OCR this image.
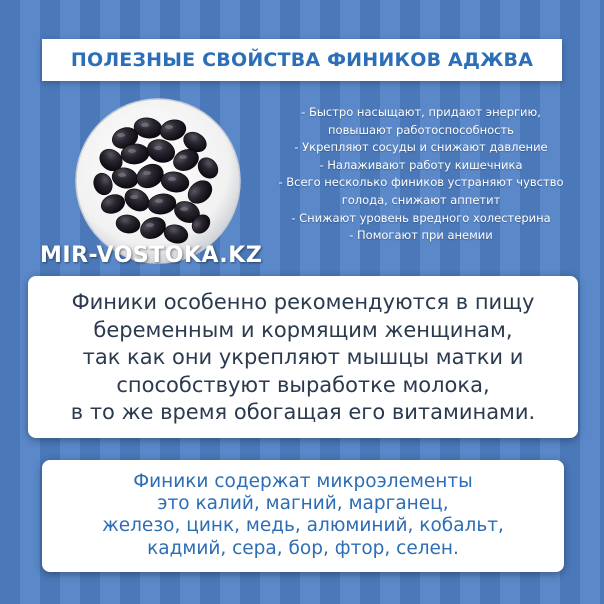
ПОЛЕЗНЫЕ СВОЙСТВА ФИНИКОВ АДЖВА
- Быстро насыщают, придают энергию,
повышают работоспособность
- Укрепляют сосуды и снижают давление
- Налаживают работу кишечника
- Всего несколько фиников устраняют чувство
голода, снижают аппетит
- Снижают уровень вредного холестерина
- Помогают при анемии
MIR-VOSTOKA.KZ
Финики особенно рекомендуются в пищу
беременным и кормящим женщинам,
так как они укрепляют мышцы матки и
способствуют выработке молока,
в то же время обогащая его витаминами.
Финики содержат микроэлементы
это калий, магний, марганец,
железо, цинк, медь, алюминий, кобальт,
кадмий, сера, бор, фтор, селен.
